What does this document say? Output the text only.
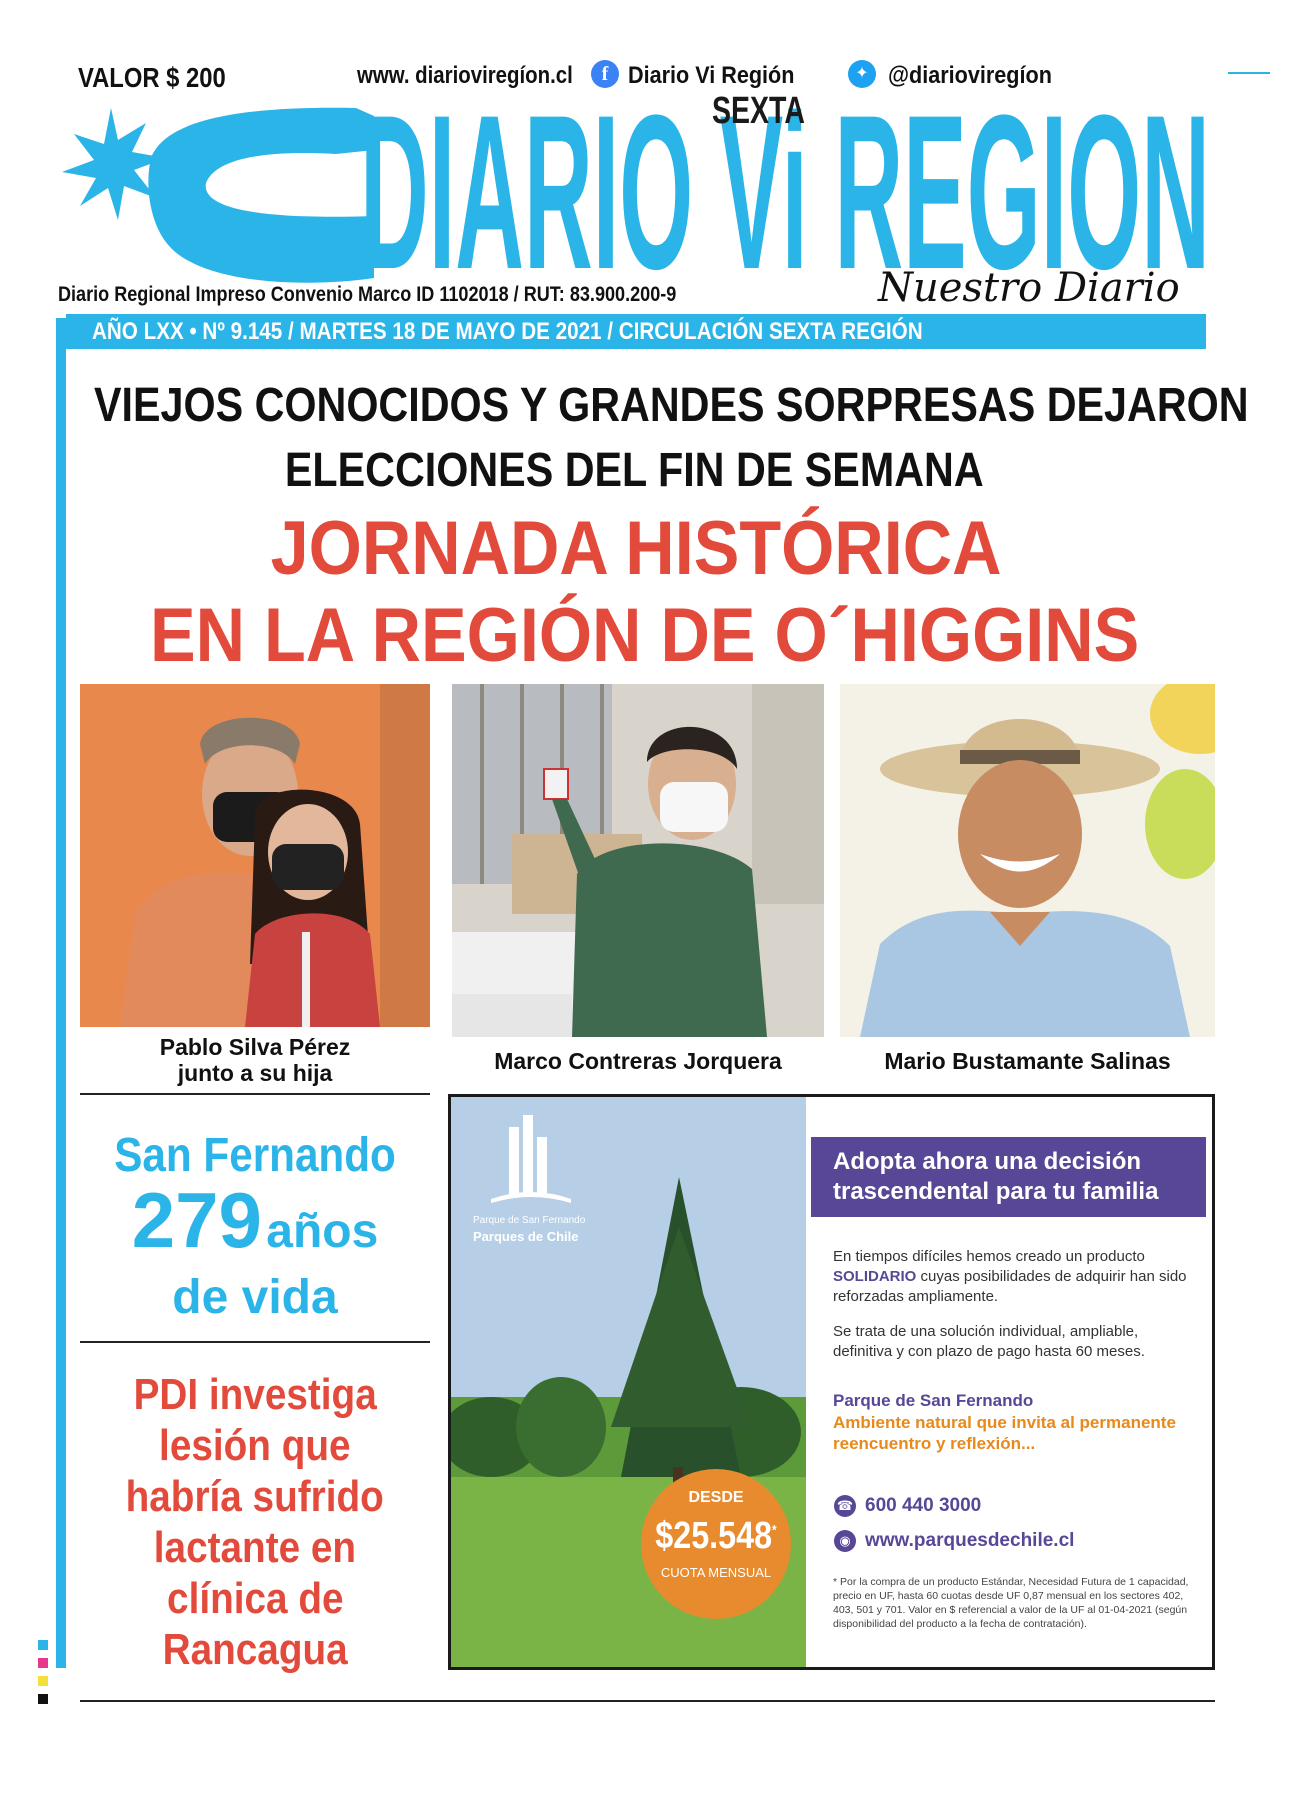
VALOR $ 200	www. diarioviregíon.cl	f Diario Vi Región	✦ @diarioviregíon
DIARIO Vi REGION
SEXTA
Nuestro Diario
Diario Regional Impreso Convenio Marco ID 1102018 / RUT: 83.900.200-9
AÑO LXX • Nº 9.145 / MARTES 18 DE MAYO DE 2021 / CIRCULACIÓN SEXTA REGIÓN
VIEJOS CONOCIDOS Y GRANDES SORPRESAS DEJARON
ELECCIONES DEL FIN DE SEMANA
JORNADA HISTÓRICA
EN LA REGIÓN DE O´HIGGINS
Pablo Silva Pérez
junto a su hija	Marco Contreras Jorquera	Mario Bustamante Salinas
San Fernando
279 años
de vida
PDI investiga
lesión que
habría sufrido
lactante en
clínica de
Rancagua
Parque de San Fernando
Parques de Chile
DESDE
$25.548*
CUOTA MENSUAL
Adopta ahora una decisión
trascendental para tu familia
En tiempos difíciles hemos creado un producto SOLIDARIO cuyas posibilidades de adquirir han sido reforzadas ampliamente.
Se trata de una solución individual, ampliable, definitiva y con plazo de pago hasta 60 meses.
Parque de San Fernando
Ambiente natural que invita al permanente reencuentro y reflexión...
☎ 600 440 3000
◉ www.parquesdechile.cl
* Por la compra de un producto Estándar, Necesidad Futura de 1 capacidad, precio en UF, hasta 60 cuotas desde UF 0,87 mensual en los sectores 402, 403, 501 y 701. Valor en $ referencial a valor de la UF al 01-04-2021 (según disponibilidad del producto a la fecha de contratación).
